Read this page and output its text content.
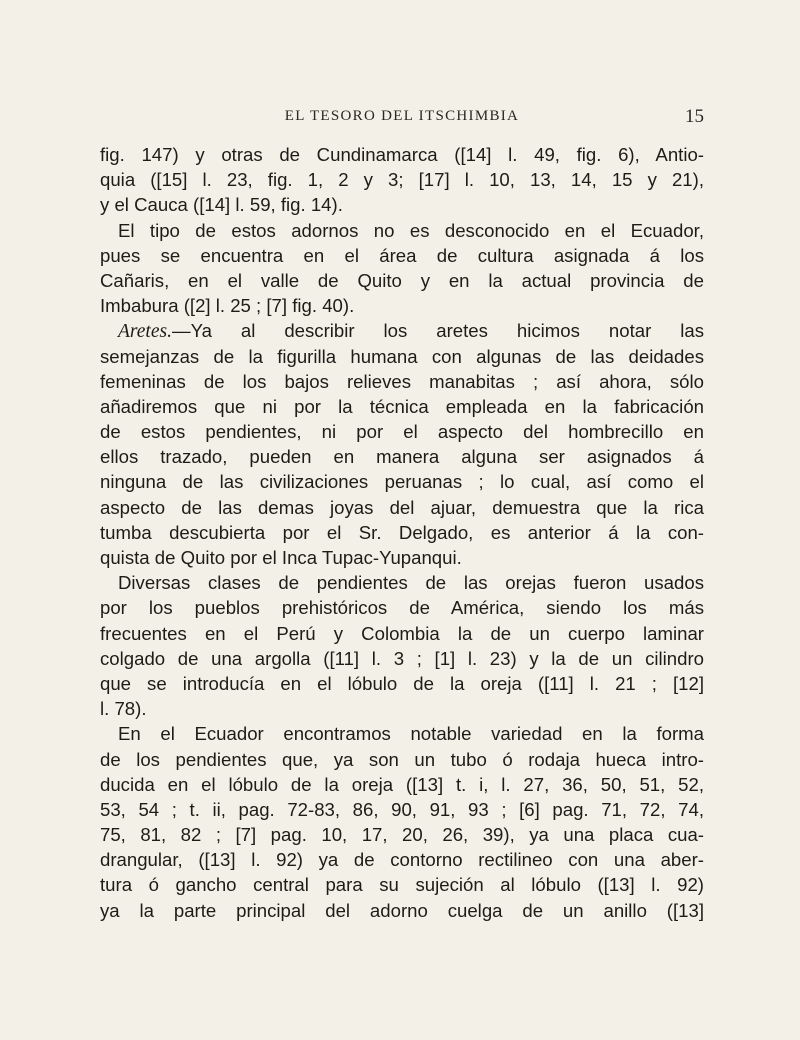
EL TESORO DEL ITSCHIMBIA	15
fig. 147) y otras de Cundinamarca ([14] l. 49, fig. 6), Antio-
quia ([15] l. 23, fig. 1, 2 y 3; [17] l. 10, 13, 14, 15 y 21),
y el Cauca ([14] l. 59, fig. 14).
El tipo de estos adornos no es desconocido en el Ecuador,
pues se encuentra en el área de cultura asignada á los
Cañaris, en el valle de Quito y en la actual provincia de
Imbabura ([2] l. 25 ; [7] fig. 40).
Aretes.—Ya al describir los aretes hicimos notar las
semejanzas de la figurilla humana con algunas de las deidades
femeninas de los bajos relieves manabitas ; así ahora, sólo
añadiremos que ni por la técnica empleada en la fabricación
de estos pendientes, ni por el aspecto del hombrecillo en
ellos trazado, pueden en manera alguna ser asignados á
ninguna de las civilizaciones peruanas ; lo cual, así como el
aspecto de las demas joyas del ajuar, demuestra que la rica
tumba descubierta por el Sr. Delgado, es anterior á la con-
quista de Quito por el Inca Tupac-Yupanqui.
Diversas clases de pendientes de las orejas fueron usados
por los pueblos prehistóricos de América, siendo los más
frecuentes en el Perú y Colombia la de un cuerpo laminar
colgado de una argolla ([11] l. 3 ; [1] l. 23) y la de un cilindro
que se introducía en el lóbulo de la oreja ([11] l. 21 ; [12]
l. 78).
En el Ecuador encontramos notable variedad en la forma
de los pendientes que, ya son un tubo ó rodaja hueca intro-
ducida en el lóbulo de la oreja ([13] t. i, l. 27, 36, 50, 51, 52,
53, 54 ; t. ii, pag. 72-83, 86, 90, 91, 93 ; [6] pag. 71, 72, 74,
75, 81, 82 ; [7] pag. 10, 17, 20, 26, 39), ya una placa cua-
drangular, ([13] l. 92) ya de contorno rectilineo con una aber-
tura ó gancho central para su sujeción al lóbulo ([13] l. 92)
ya la parte principal del adorno cuelga de un anillo ([13]
